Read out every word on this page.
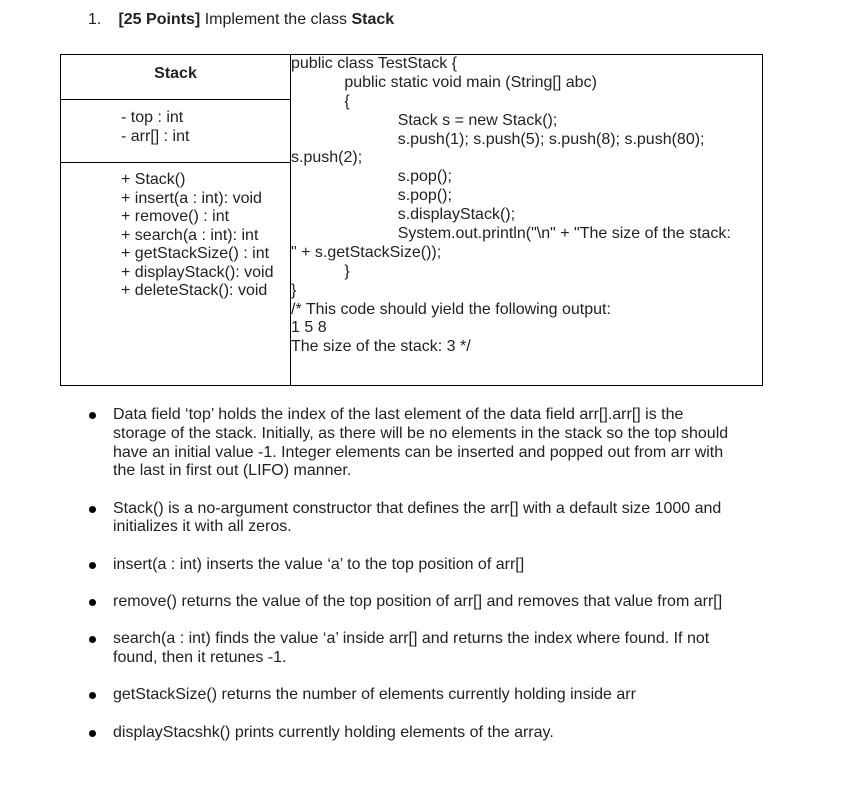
1. [25 Points] Implement the class Stack
Stack

public class TestStack {
public static void main (String[] abc)
{
Stack s = new Stack();
s.push(1); s.push(5); s.push(8); s.push(80);
s.push(2);
s.pop();
s.pop();
s.displayStack();
System.out.println("\n" + "The size of the stack:
" + s.getStackSize());
}
}
/* This code should yield the following output:
1 5 8
The size of the stack: 3 */

- top : int
- arr[] : int

+ Stack()
+ insert(a : int): void
+ remove() : int
+ search(a : int): int
+ getStackSize() : int
+ displayStack(): void
+ deleteStack(): void
Data field ‘top’ holds the index of the last element of the data field arr[].arr[] is the storage of the stack. Initially, as there will be no elements in the stack so the top should have an initial value -1. Integer elements can be inserted and popped out from arr with the last in first out (LIFO) manner.
Stack() is a no-argument constructor that defines the arr[] with a default size 1000 and initializes it with all zeros.
insert(a : int) inserts the value ‘a’ to the top position of arr[]
remove() returns the value of the top position of arr[] and removes that value from arr[]
search(a : int) finds the value ‘a’ inside arr[] and returns the index where found. If not found, then it retunes -1.
getStackSize() returns the number of elements currently holding inside arr
displayStacshk() prints currently holding elements of the array.
